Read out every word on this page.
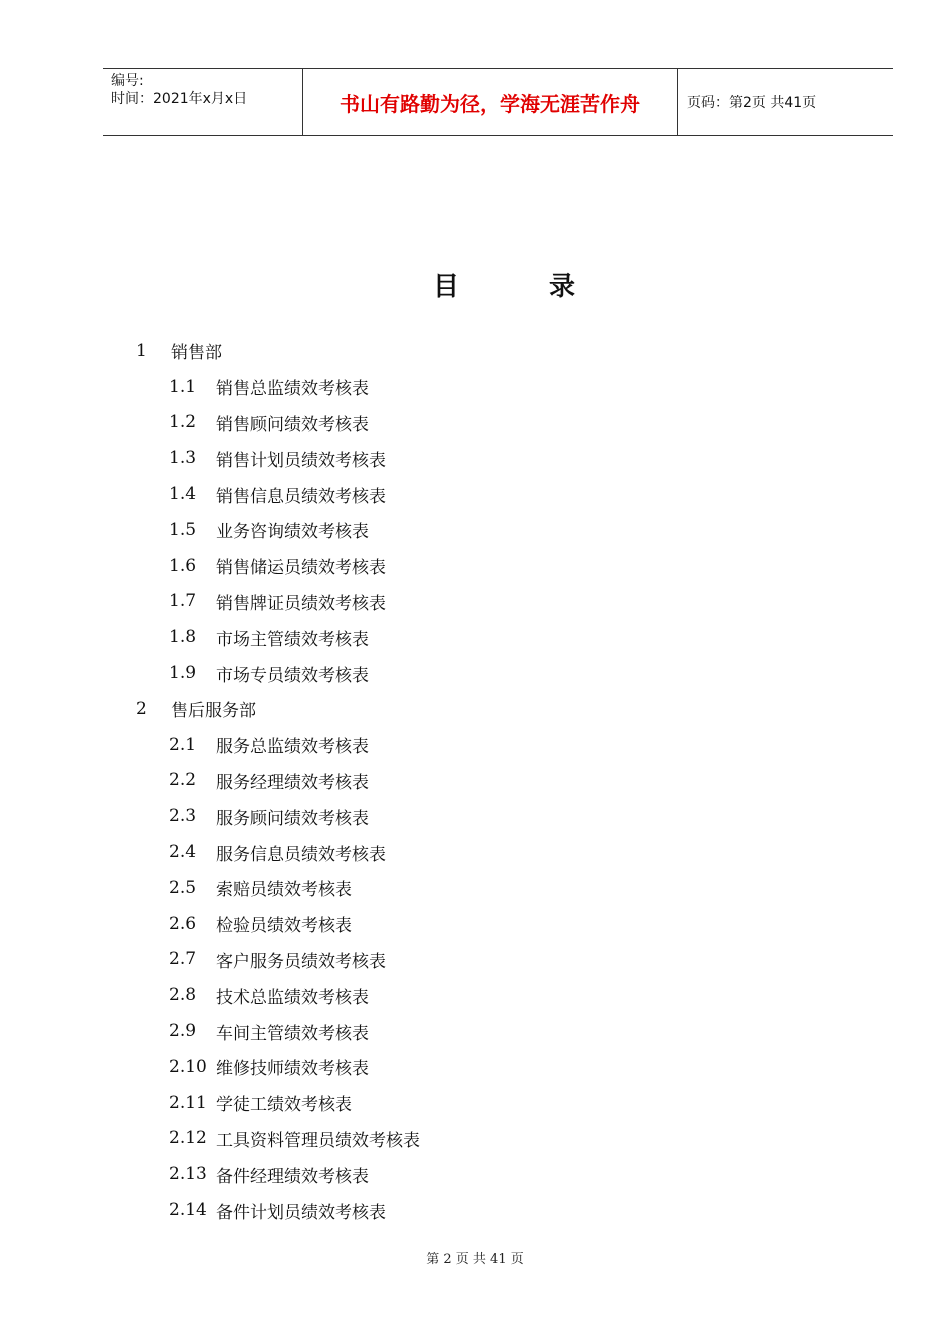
编号:
时间：2021年x月x日	书山有路勤为径，学海无涯苦作舟	页码：第2页 共41页
目	录
1 销售部
1.1 销售总监绩效考核表
1.2 销售顾问绩效考核表
1.3 销售计划员绩效考核表
1.4 销售信息员绩效考核表
1.5 业务咨询绩效考核表
1.6 销售储运员绩效考核表
1.7 销售牌证员绩效考核表
1.8 市场主管绩效考核表
1.9 市场专员绩效考核表
2 售后服务部
2.1 服务总监绩效考核表
2.2 服务经理绩效考核表
2.3 服务顾问绩效考核表
2.4 服务信息员绩效考核表
2.5 索赔员绩效考核表
2.6 检验员绩效考核表
2.7 客户服务员绩效考核表
2.8 技术总监绩效考核表
2.9 车间主管绩效考核表
2.10 维修技师绩效考核表
2.11 学徒工绩效考核表
2.12 工具资料管理员绩效考核表
2.13 备件经理绩效考核表
2.14 备件计划员绩效考核表
第 2 页 共 41 页
